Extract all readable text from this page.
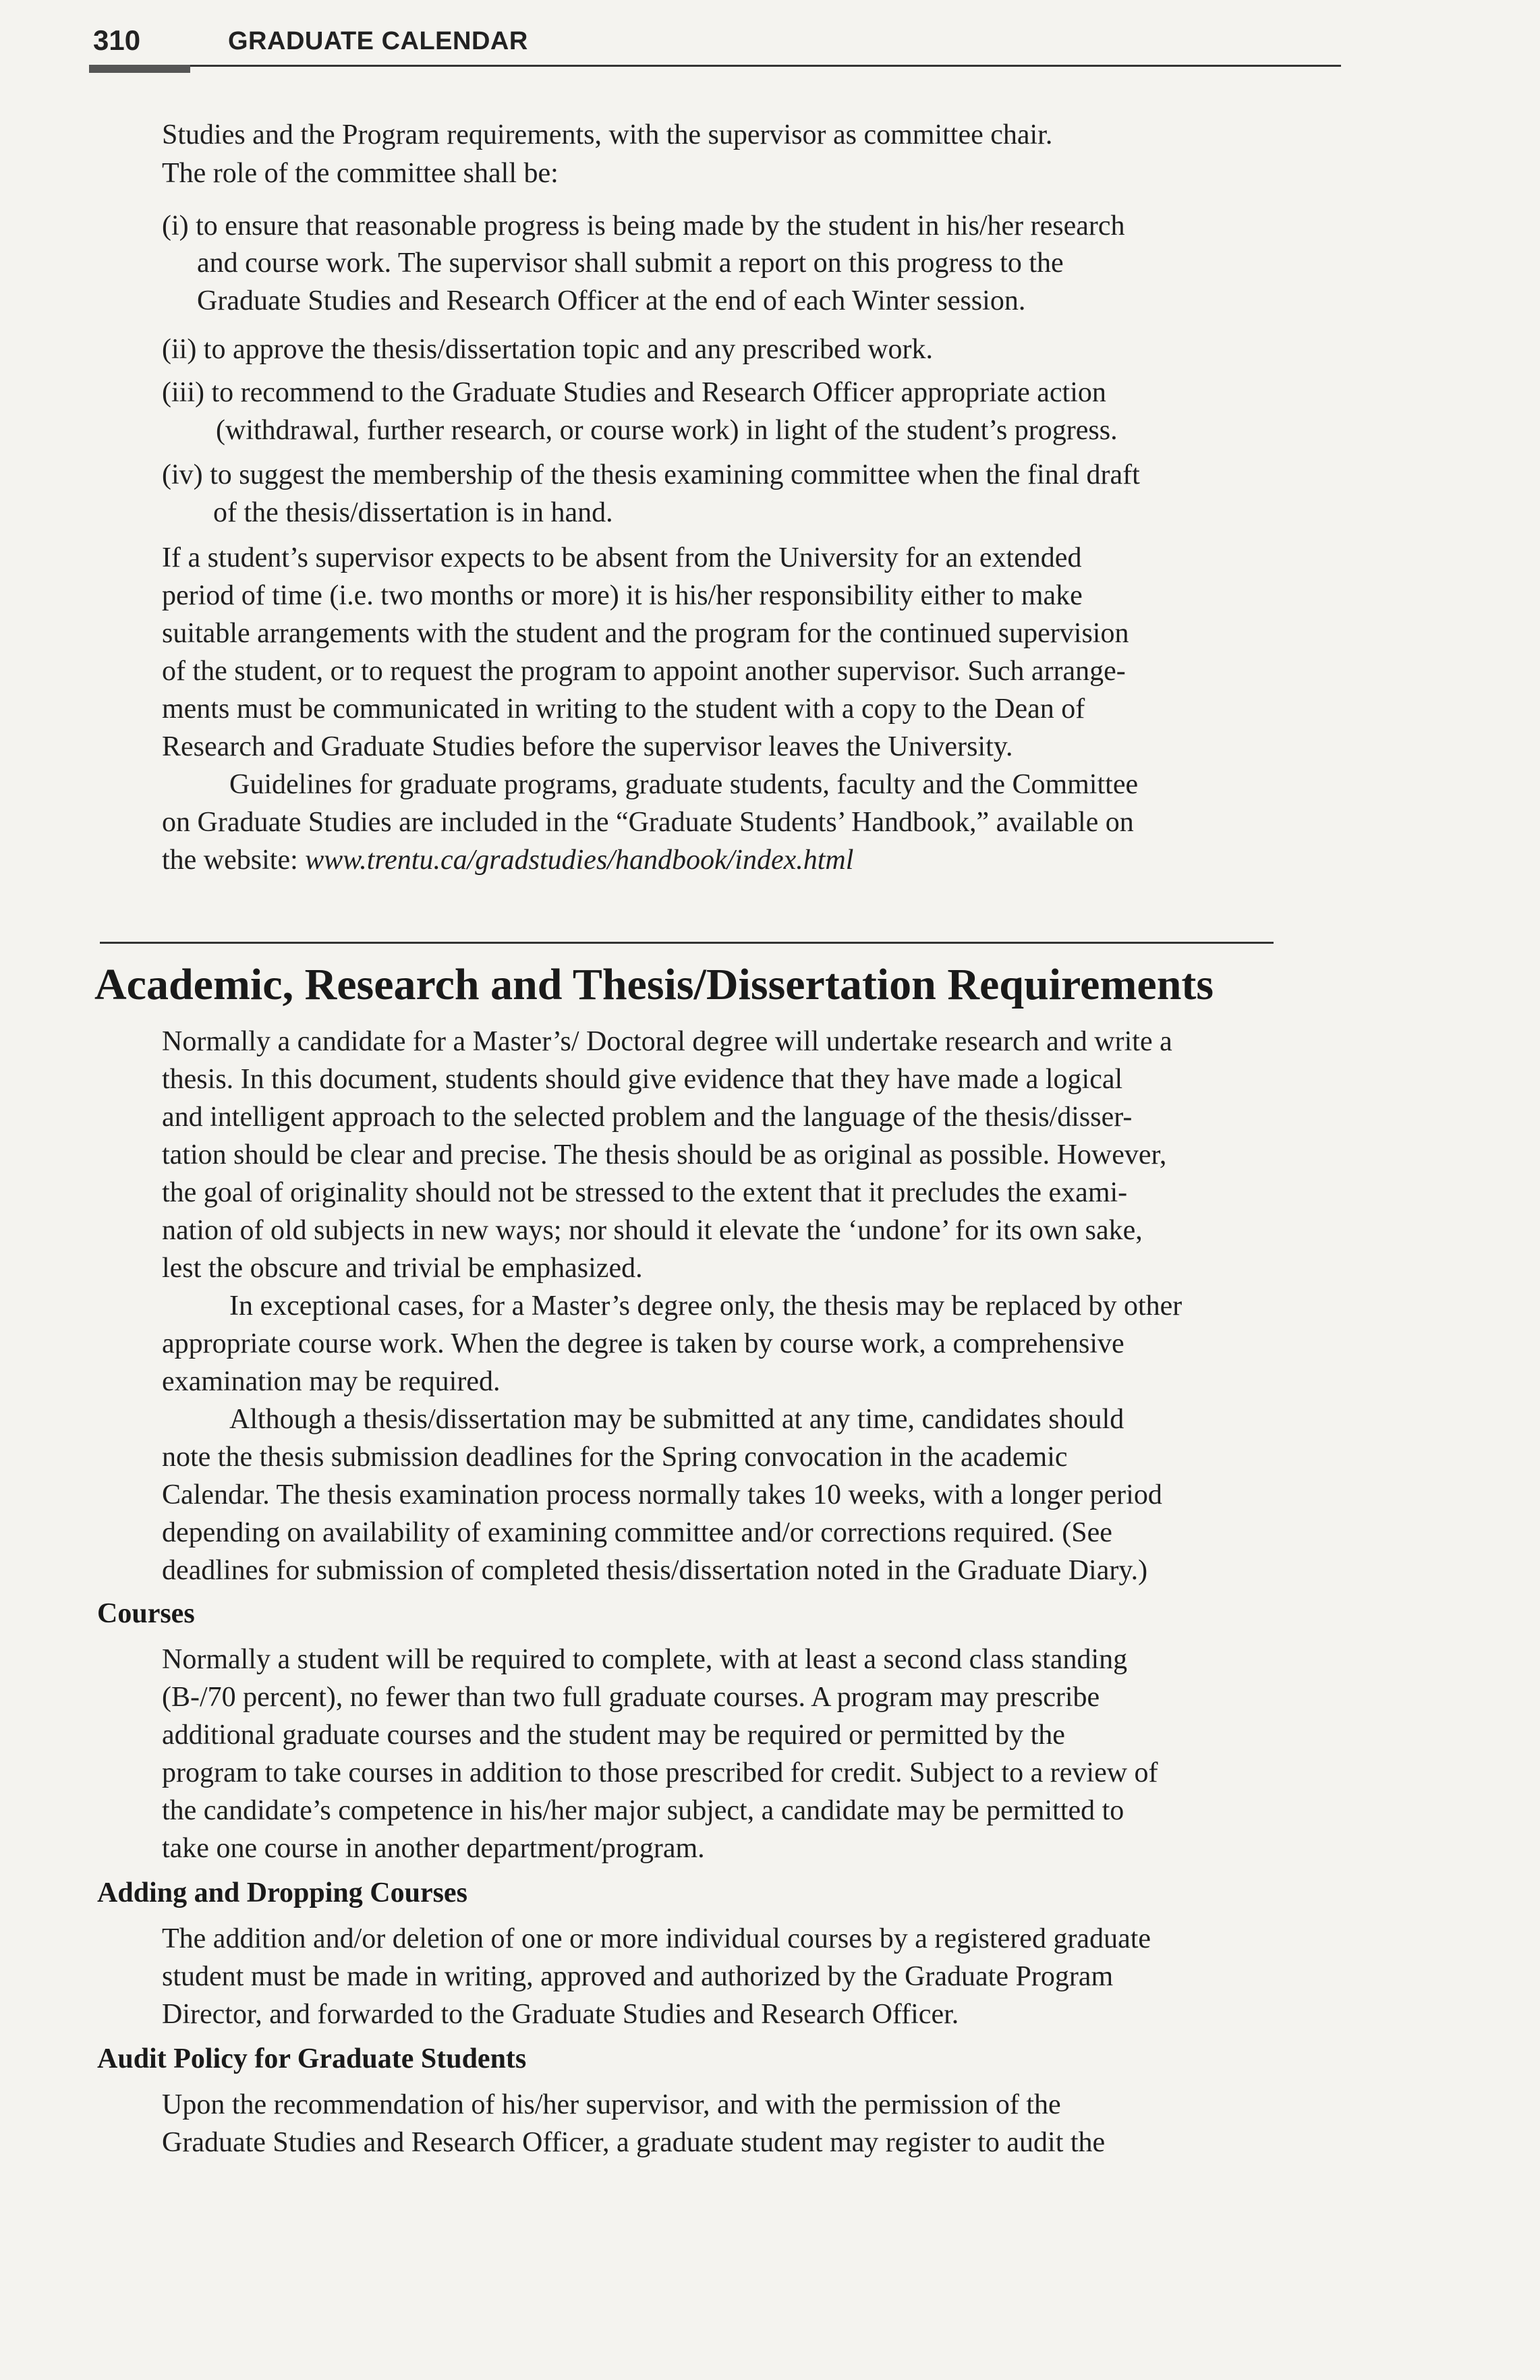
310	GRADUATE CALENDAR

Studies and the Program requirements, with the supervisor as committee chair.

The role of the committee shall be:

(i) to ensure that reasonable progress is being made by the student in his/her research

and course work. The supervisor shall submit a report on this progress to the

Graduate Studies and Research Officer at the end of each Winter session.

(ii) to approve the thesis/dissertation topic and any prescribed work.

(iii) to recommend to the Graduate Studies and Research Officer appropriate action

(withdrawal, further research, or course work) in light of the student’s progress.

(iv) to suggest the membership of the thesis examining committee when the final draft

of the thesis/dissertation is in hand.

If a student’s supervisor expects to be absent from the University for an extended

period of time (i.e. two months or more) it is his/her responsibility either to make

suitable arrangements with the student and the program for the continued supervision

of the student, or to request the program to appoint another supervisor. Such arrange-

ments must be communicated in writing to the student with a copy to the Dean of

Research and Graduate Studies before the supervisor leaves the University.

Guidelines for graduate programs, graduate students, faculty and the Committee

on Graduate Studies are included in the “Graduate Students’ Handbook,” available on

the website: www.trentu.ca/gradstudies/handbook/index.html

Academic, Research and Thesis/Dissertation Requirements

Normally a candidate for a Master’s/ Doctoral degree will undertake research and write a

thesis. In this document, students should give evidence that they have made a logical

and intelligent approach to the selected problem and the language of the thesis/disser-

tation should be clear and precise. The thesis should be as original as possible. However,

the goal of originality should not be stressed to the extent that it precludes the exami-

nation of old subjects in new ways; nor should it elevate the ‘undone’ for its own sake,

lest the obscure and trivial be emphasized.

In exceptional cases, for a Master’s degree only, the thesis may be replaced by other

appropriate course work. When the degree is taken by course work, a comprehensive

examination may be required.

Although a thesis/dissertation may be submitted at any time, candidates should

note the thesis submission deadlines for the Spring convocation in the academic

Calendar. The thesis examination process normally takes 10 weeks, with a longer period

depending on availability of examining committee and/or corrections required. (See

deadlines for submission of completed thesis/dissertation noted in the Graduate Diary.)

Courses

Normally a student will be required to complete, with at least a second class standing

(B-/70 percent), no fewer than two full graduate courses. A program may prescribe

additional graduate courses and the student may be required or permitted by the

program to take courses in addition to those prescribed for credit. Subject to a review of

the candidate’s competence in his/her major subject, a candidate may be permitted to

take one course in another department/program.

Adding and Dropping Courses

The addition and/or deletion of one or more individual courses by a registered graduate

student must be made in writing, approved and authorized by the Graduate Program

Director, and forwarded to the Graduate Studies and Research Officer.

Audit Policy for Graduate Students

Upon the recommendation of his/her supervisor, and with the permission of the

Graduate Studies and Research Officer, a graduate student may register to audit the
